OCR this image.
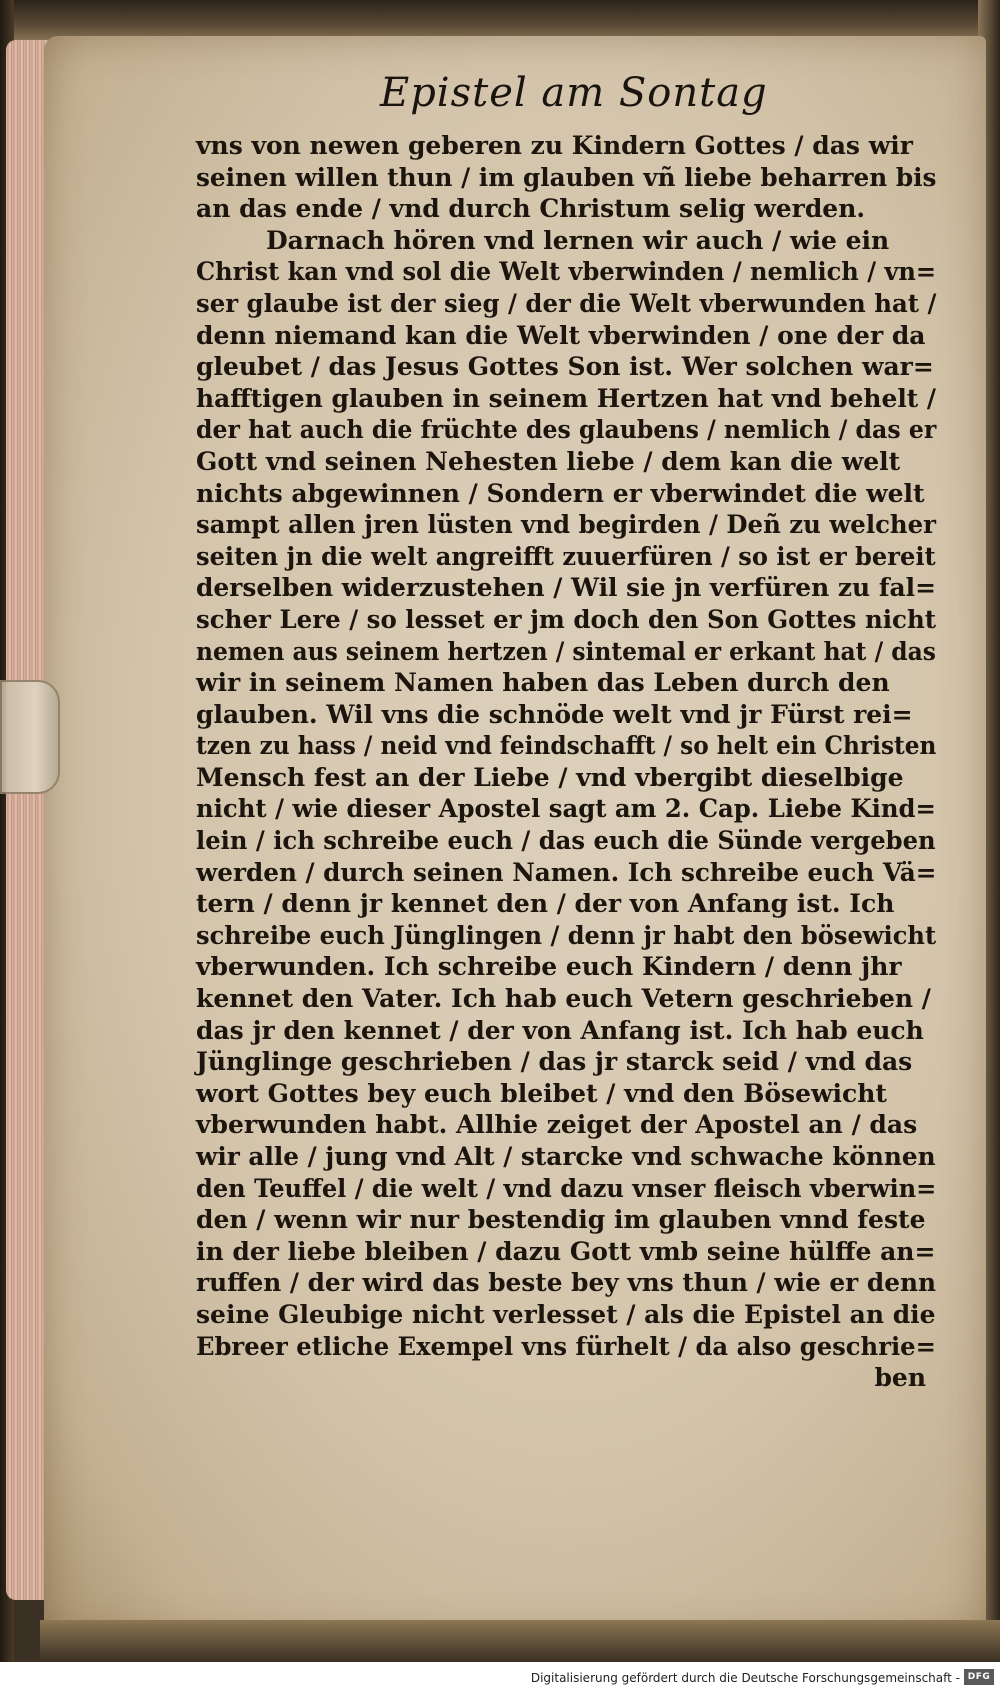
Epistel am Sontag
vns von newen geberen zu Kindern Gottes / das wir
seinen willen thun / im glauben vñ liebe beharren bis
an das ende / vnd durch Christum selig werden.
Darnach hören vnd lernen wir auch / wie ein
Christ kan vnd sol die Welt vberwinden / nemlich / vn=
ser glaube ist der sieg / der die Welt vberwunden hat /
denn niemand kan die Welt vberwinden / one der da
gleubet / das Jesus Gottes Son ist. Wer solchen war=
hafftigen glauben in seinem Hertzen hat vnd behelt /
der hat auch die früchte des glaubens / nemlich / das er
Gott vnd seinen Nehesten liebe / dem kan die welt
nichts abgewinnen / Sondern er vberwindet die welt
sampt allen jren lüsten vnd begirden / Deñ zu welcher
seiten jn die welt angreifft zuuerfüren / so ist er bereit
derselben widerzustehen / Wil sie jn verfüren zu fal=
scher Lere / so lesset er jm doch den Son Gottes nicht
nemen aus seinem hertzen / sintemal er erkant hat / das
wir in seinem Namen haben das Leben durch den
glauben. Wil vns die schnöde welt vnd jr Fürst rei=
tzen zu hass / neid vnd feindschafft / so helt ein Christen
Mensch fest an der Liebe / vnd vbergibt dieselbige
nicht / wie dieser Apostel sagt am 2. Cap. Liebe Kind=
lein / ich schreibe euch / das euch die Sünde vergeben
werden / durch seinen Namen. Ich schreibe euch Vä=
tern / denn jr kennet den / der von Anfang ist. Ich
schreibe euch Jünglingen / denn jr habt den bösewicht
vberwunden. Ich schreibe euch Kindern / denn jhr
kennet den Vater. Ich hab euch Vetern geschrieben /
das jr den kennet / der von Anfang ist. Ich hab euch
Jünglinge geschrieben / das jr starck seid / vnd das
wort Gottes bey euch bleibet / vnd den Bösewicht
vberwunden habt. Allhie zeiget der Apostel an / das
wir alle / jung vnd Alt / starcke vnd schwache können
den Teuffel / die welt / vnd dazu vnser fleisch vberwin=
den / wenn wir nur bestendig im glauben vnnd feste
in der liebe bleiben / dazu Gott vmb seine hülffe an=
ruffen / der wird das beste bey vns thun / wie er denn
seine Gleubige nicht verlesset / als die Epistel an die
Ebreer etliche Exempel vns fürhelt / da also geschrie=
ben
Digitalisierung gefördert durch die Deutsche Forschungsgemeinschaft - DFG
